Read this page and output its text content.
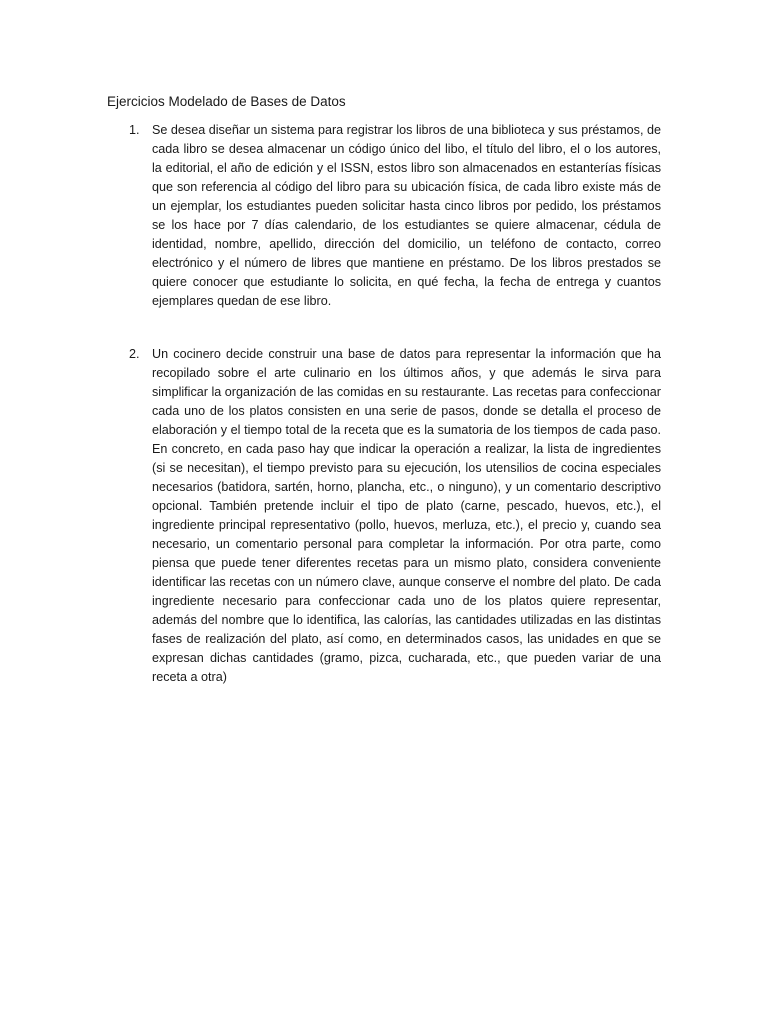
Ejercicios Modelado de Bases de Datos
1. Se desea diseñar un sistema para registrar los libros de una biblioteca y sus préstamos, de cada libro se desea almacenar un código único del libo, el título del libro, el o los autores, la editorial, el año de edición y el ISSN, estos libro son almacenados en estanterías físicas que son referencia al código del libro para su ubicación física, de cada libro existe más de un ejemplar, los estudiantes pueden solicitar hasta cinco libros por pedido, los préstamos se los hace por 7 días calendario, de los estudiantes se quiere almacenar, cédula de identidad, nombre, apellido, dirección del domicilio, un teléfono de contacto, correo electrónico y el número de libres que mantiene en préstamo. De los libros prestados se quiere conocer que estudiante lo solicita, en qué fecha, la fecha de entrega y cuantos ejemplares quedan de ese libro.

2. Un cocinero decide construir una base de datos para representar la información que ha recopilado sobre el arte culinario en los últimos años, y que además le sirva para simplificar la organización de las comidas en su restaurante. Las recetas para confeccionar cada uno de los platos consisten en una serie de pasos, donde se detalla el proceso de elaboración y el tiempo total de la receta que es la sumatoria de los tiempos de cada paso. En concreto, en cada paso hay que indicar la operación a realizar, la lista de ingredientes (si se necesitan), el tiempo previsto para su ejecución, los utensilios de cocina especiales necesarios (batidora, sartén, horno, plancha, etc., o ninguno), y un comentario descriptivo opcional. También pretende incluir el tipo de plato (carne, pescado, huevos, etc.), el ingrediente principal representativo (pollo, huevos, merluza, etc.), el precio y, cuando sea necesario, un comentario personal para completar la información. Por otra parte, como piensa que puede tener diferentes recetas para un mismo plato, considera conveniente identificar las recetas con un número clave, aunque conserve el nombre del plato. De cada ingrediente necesario para confeccionar cada uno de los platos quiere representar, además del nombre que lo identifica, las calorías, las cantidades utilizadas en las distintas fases de realización del plato, así como, en determinados casos, las unidades en que se expresan dichas cantidades (gramo, pizca, cucharada, etc., que pueden variar de una receta a otra)
